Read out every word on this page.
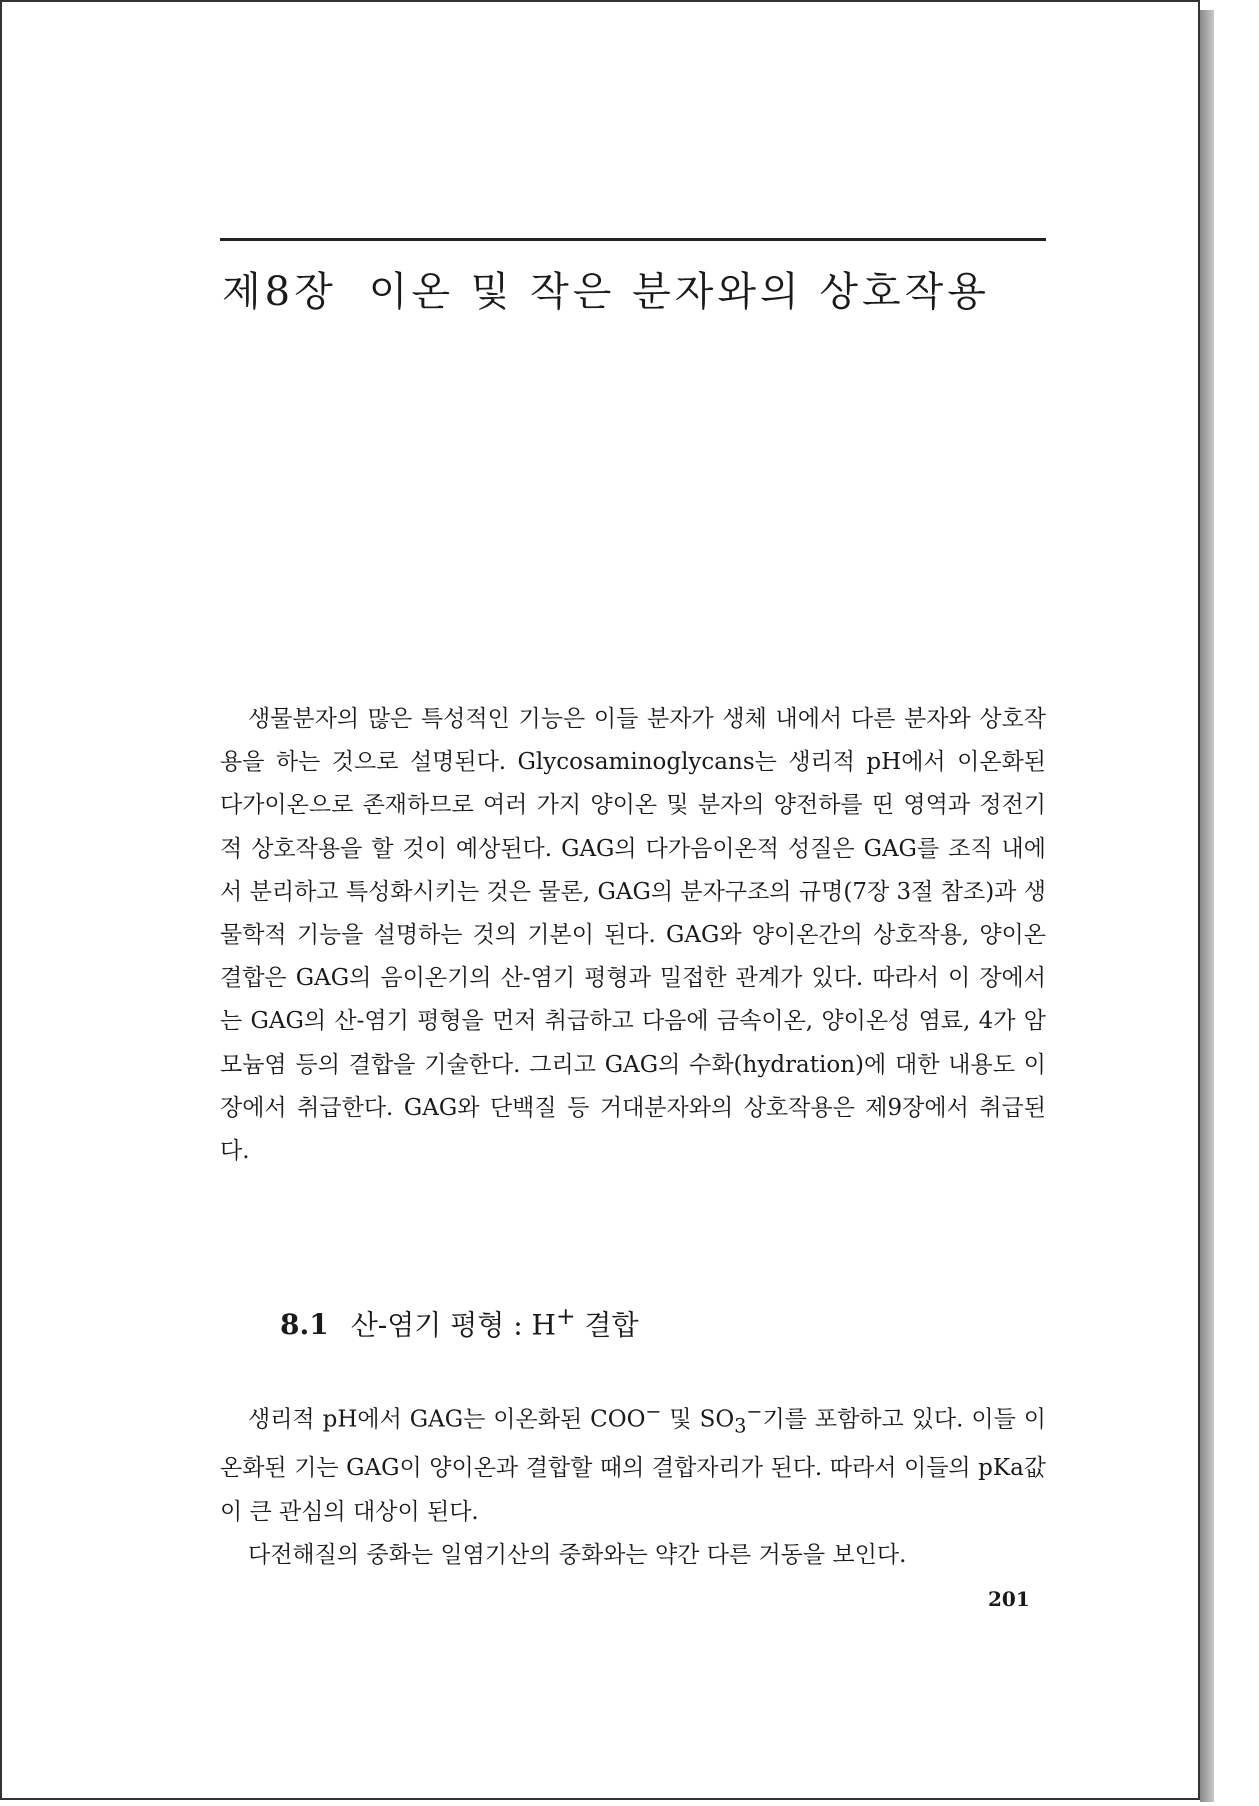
제8장 이온 및 작은 분자와의 상호작용

생물분자의 많은 특성적인 기능은 이들 분자가 생체 내에서 다른 분자와 상호작용을 하는 것으로 설명된다. Glycosaminoglycans는 생리적 pH에서 이온화된 다가이온으로 존재하므로 여러 가지 양이온 및 분자의 양전하를 띤 영역과 정전기적 상호작용을 할 것이 예상된다. GAG의 다가음이온적 성질은 GAG를 조직 내에서 분리하고 특성화시키는 것은 물론, GAG의 분자구조의 규명(7장 3절 참조)과 생물학적 기능을 설명하는 것의 기본이 된다. GAG와 양이온간의 상호작용, 양이온 결합은 GAG의 음이온기의 산-염기 평형과 밀접한 관계가 있다. 따라서 이 장에서는 GAG의 산-염기 평형을 먼저 취급하고 다음에 금속이온, 양이온성 염료, 4가 암모늄염 등의 결합을 기술한다. 그리고 GAG의 수화(hydration)에 대한 내용도 이 장에서 취급한다. GAG와 단백질 등 거대분자와의 상호작용은 제9장에서 취급된다.

8.1 산-염기 평형 : H+ 결합

생리적 pH에서 GAG는 이온화된 COO− 및 $SO_3^-$기를 포함하고 있다. 이들 이온화된 기는 GAG이 양이온과 결합할 때의 결합자리가 된다. 따라서 이들의 pKa값이 큰 관심의 대상이 된다.

다전해질의 중화는 일염기산의 중화와는 약간 다른 거동을 보인다.

201
